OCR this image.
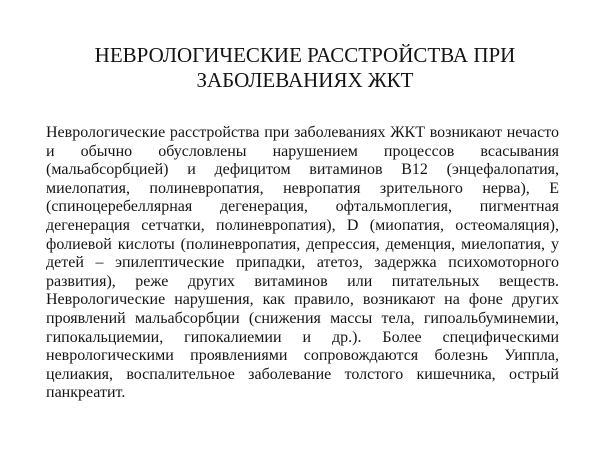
НЕВРОЛОГИЧЕСКИЕ РАССТРОЙСТВА ПРИ
ЗАБОЛЕВАНИЯХ ЖКТ
Неврологические расстройства при заболеваниях ЖКТ возникают нечасто
и обычно обусловлены нарушением процессов всасывания
(мальабсорбцией) и дефицитом витаминов В12 (энцефалопатия,
миелопатия, полиневропатия, невропатия зрительного нерва), Е
(спиноцеребеллярная дегенерация, офтальмоплегия, пигментная
дегенерация сетчатки, полиневропатия), D (миопатия, остеомаляция),
фолиевой кислоты (полиневропатия, депрессия, деменция, миелопатия, у
детей – эпилептические припадки, атетоз, задержка психомоторного
развития), реже других витаминов или питательных веществ.
Неврологические нарушения, как правило, возникают на фоне других
проявлений мальабсорбции (снижения массы тела, гипоальбуминемии,
гипокальциемии, гипокалиемии и др.). Более специфическими
неврологическими проявлениями сопровождаются болезнь Уиппла,
целиакия, воспалительное заболевание толстого кишечника, острый
панкреатит.
